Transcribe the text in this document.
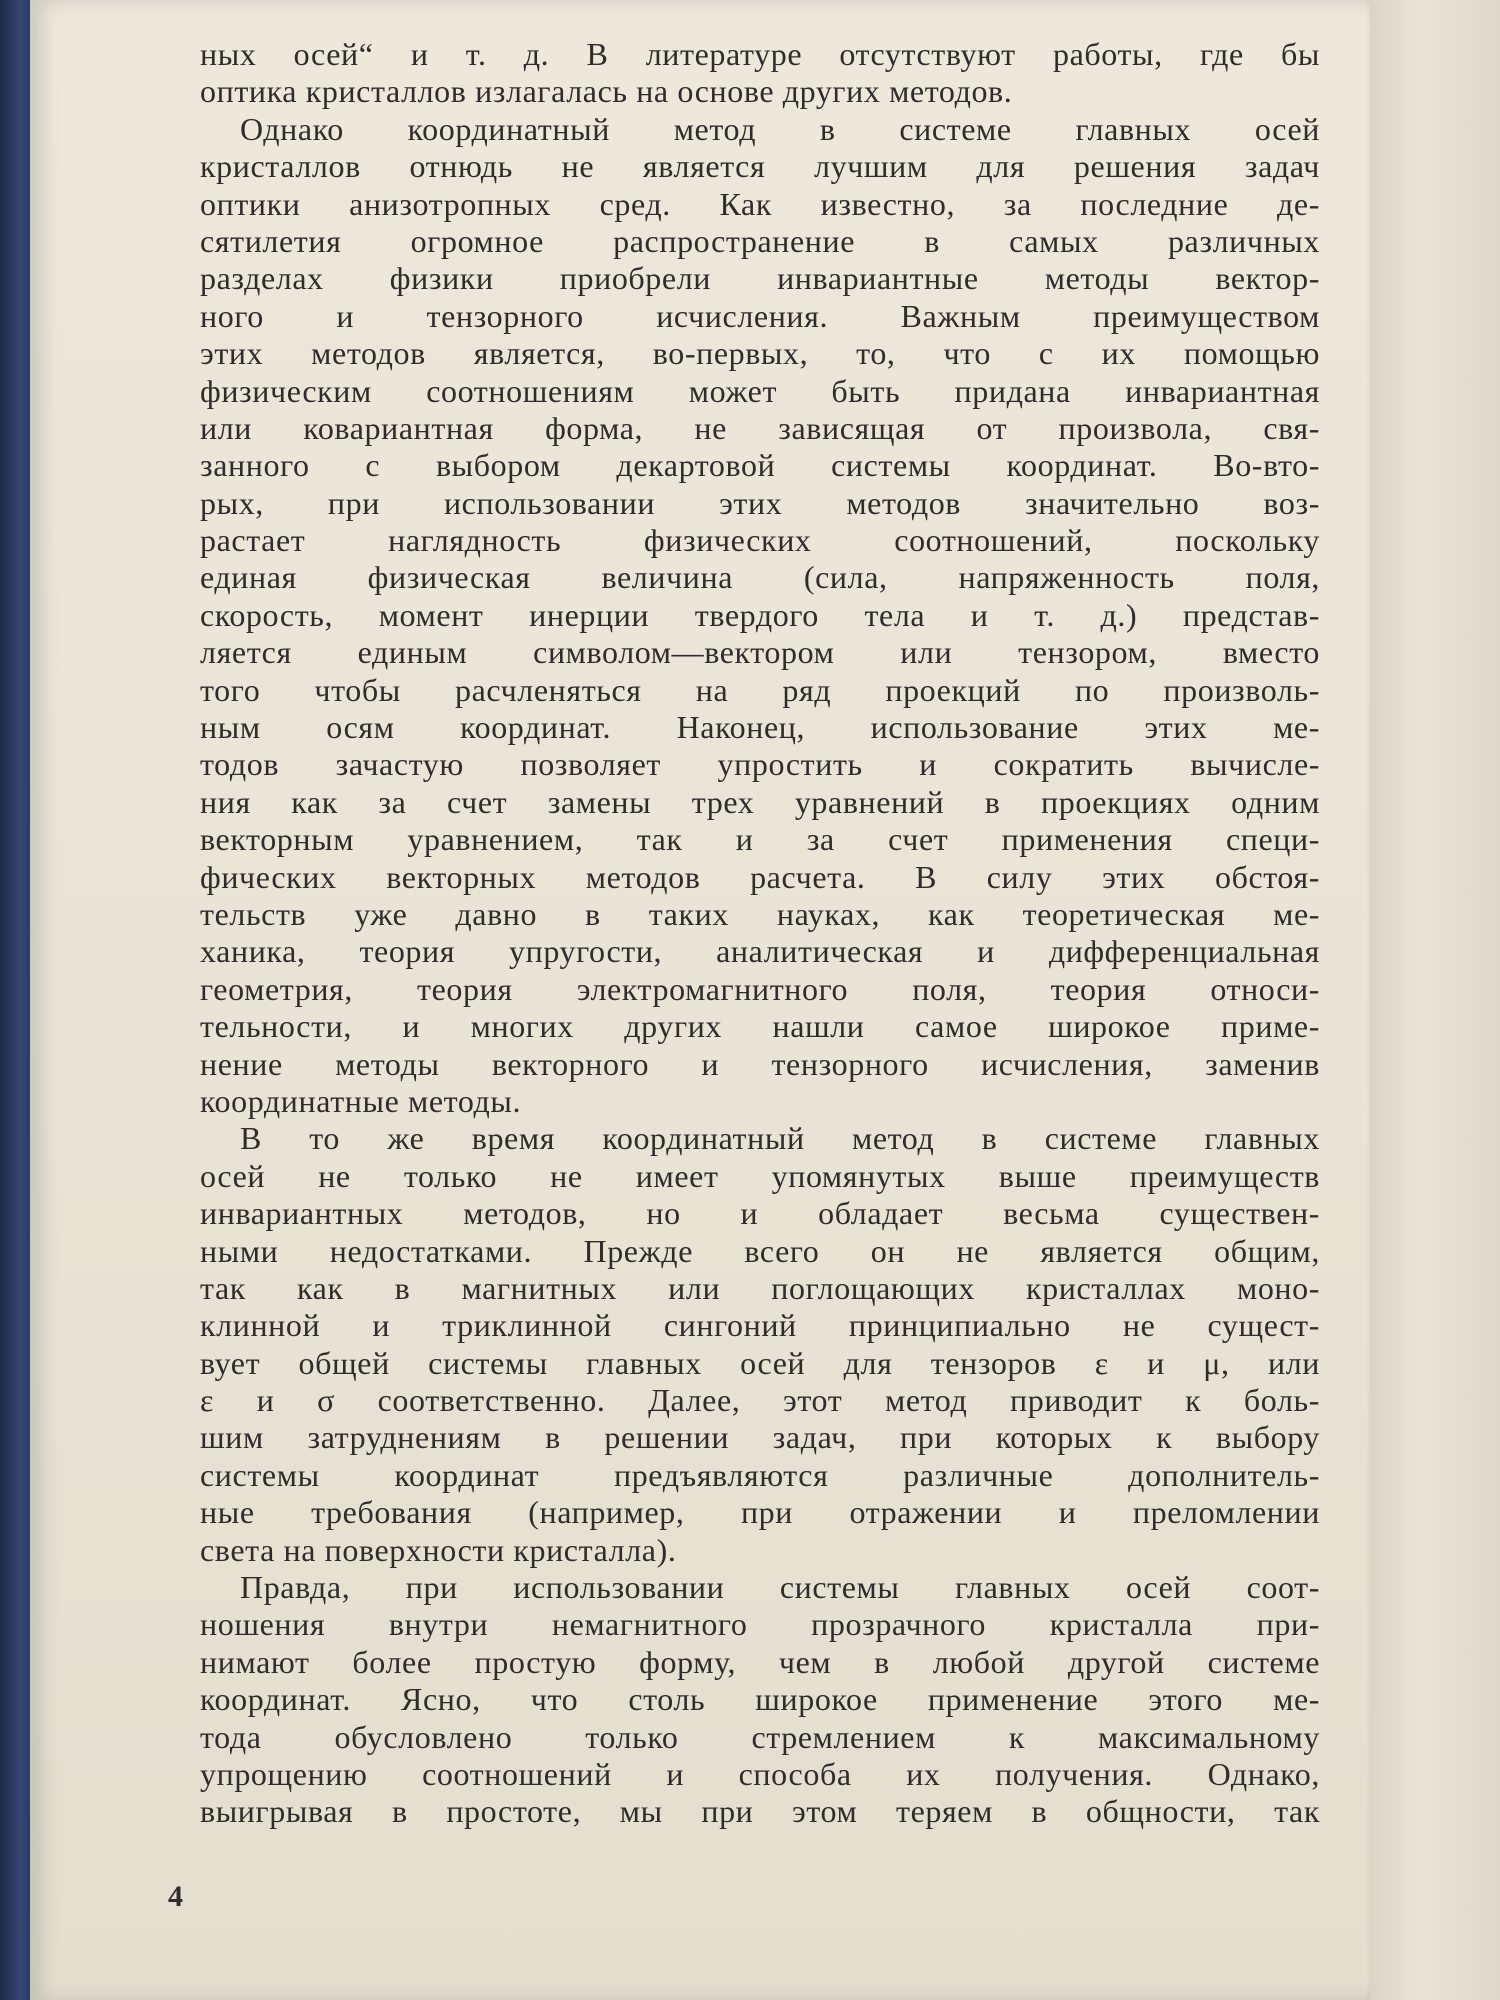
ных осей“ и т. д. В литературе отсутствуют работы, где бы
оптика кристаллов излагалась на основе других методов.
Однако координатный метод в системе главных осей
кристаллов отнюдь не является лучшим для решения задач
оптики анизотропных сред. Как известно, за последние де-
сятилетия огромное распространение в самых различных
разделах физики приобрели инвариантные методы вектор-
ного и тензорного исчисления. Важным преимуществом
этих методов является, во-первых, то, что с их помощью
физическим соотношениям может быть придана инвариантная
или ковариантная форма, не зависящая от произвола, свя-
занного с выбором декартовой системы координат. Во-вто-
рых, при использовании этих методов значительно воз-
растает наглядность физических соотношений, поскольку
единая физическая величина (сила, напряженность поля,
скорость, момент инерции твердого тела и т. д.) представ-
ляется единым символом—вектором или тензором, вместо
того чтобы расчленяться на ряд проекций по произволь-
ным осям координат. Наконец, использование этих ме-
тодов зачастую позволяет упростить и сократить вычисле-
ния как за счет замены трех уравнений в проекциях одним
векторным уравнением, так и за счет применения специ-
фических векторных методов расчета. В силу этих обстоя-
тельств уже давно в таких науках, как теоретическая ме-
ханика, теория упругости, аналитическая и дифференциальная
геометрия, теория электромагнитного поля, теория относи-
тельности, и многих других нашли самое широкое приме-
нение методы векторного и тензорного исчисления, заменив
координатные методы.
В то же время координатный метод в системе главных
осей не только не имеет упомянутых выше преимуществ
инвариантных методов, но и обладает весьма существен-
ными недостатками. Прежде всего он не является общим,
так как в магнитных или поглощающих кристаллах моно-
клинной и триклинной сингоний принципиально не сущест-
вует общей системы главных осей для тензоров ε и μ, или
ε и σ соответственно. Далее, этот метод приводит к боль-
шим затруднениям в решении задач, при которых к выбору
системы координат предъявляются различные дополнитель-
ные требования (например, при отражении и преломлении
света на поверхности кристалла).
Правда, при использовании системы главных осей соот-
ношения внутри немагнитного прозрачного кристалла при-
нимают более простую форму, чем в любой другой системе
координат. Ясно, что столь широкое применение этого ме-
тода обусловлено только стремлением к максимальному
упрощению соотношений и способа их получения. Однако,
выигрывая в простоте, мы при этом теряем в общности, так
4
